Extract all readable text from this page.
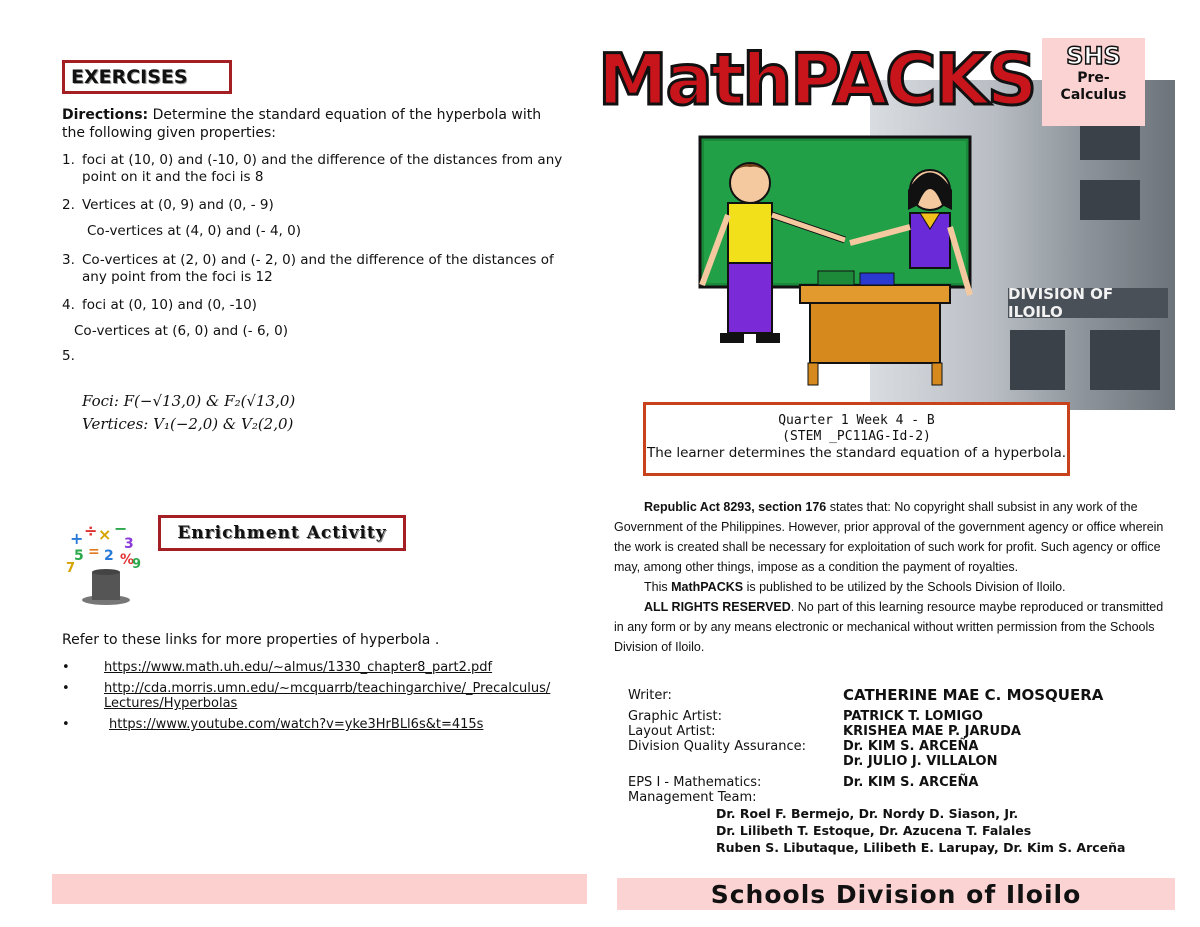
EXERCISES
Directions: Determine the standard equation of the hyperbola with the following given properties:
1. foci at (10, 0) and (-10, 0) and the difference of the distances from any
point on it and the foci is 8
2. Vertices at (0, 9) and (0, - 9)
Co-vertices at (4, 0) and (- 4, 0)
3. Co-vertices at (2, 0) and (- 2, 0) and the difference of the distances of
any point from the foci is 12
4. foci at (0, 10) and (0, -10)
Co-vertices at (6, 0) and (- 6, 0)
5.
Foci: F(−√13,0) & F₂(√13,0)
Vertices: V₁(−2,0) & V₂(2,0)
+ ÷ × −
3
5 = 2 %
7	9
Enrichment Activity
Refer to these links for more properties of hyperbola .
•	https://www.math.uh.edu/~almus/1330_chapter8_part2.pdf
•	http://cda.morris.umn.edu/~mcquarrb/teachingarchive/_Precalculus/ Lectures/Hyperbolas
•	https://www.youtube.com/watch?v=yke3HrBLl6s&t=415s
DIVISION OF ILOILO
MathPACKS	SHS
Pre-
Calculus
Quarter 1 Week 4 - B
(STEM _PC11AG-Id-2)
The learner determines the standard equation of a hyperbola.

Republic Act 8293, section 176 states that: No copyright shall subsist in any work of the Government of the Philippines. However, prior approval of the government agency or office wherein the work is created shall be necessary for exploitation of such work for profit. Such agency or office may, among other things, impose as a condition the payment of royalties.

This MathPACKS is published to be utilized by the Schools Division of Iloilo.

ALL RIGHTS RESERVED. No part of this learning resource maybe reproduced or transmitted in any form or by any means electronic or mechanical without written permission from the Schools Division of Iloilo.

Writer:	CATHERINE MAE C. MOSQUERA
Graphic Artist:	PATRICK T. LOMIGO
Layout Artist:	KRISHEA MAE P. JARUDA
Division Quality Assurance:	Dr. KIM S. ARCEÑA
Dr. JULIO J. VILLALON
EPS I - Mathematics:	Dr. KIM S. ARCEÑA
Management Team:
Dr. Roel F. Bermejo, Dr. Nordy D. Siason, Jr.
Dr. Lilibeth T. Estoque, Dr. Azucena T. Falales
Ruben S. Libutaque, Lilibeth E. Larupay, Dr. Kim S. Arceña
Schools Division of Iloilo
